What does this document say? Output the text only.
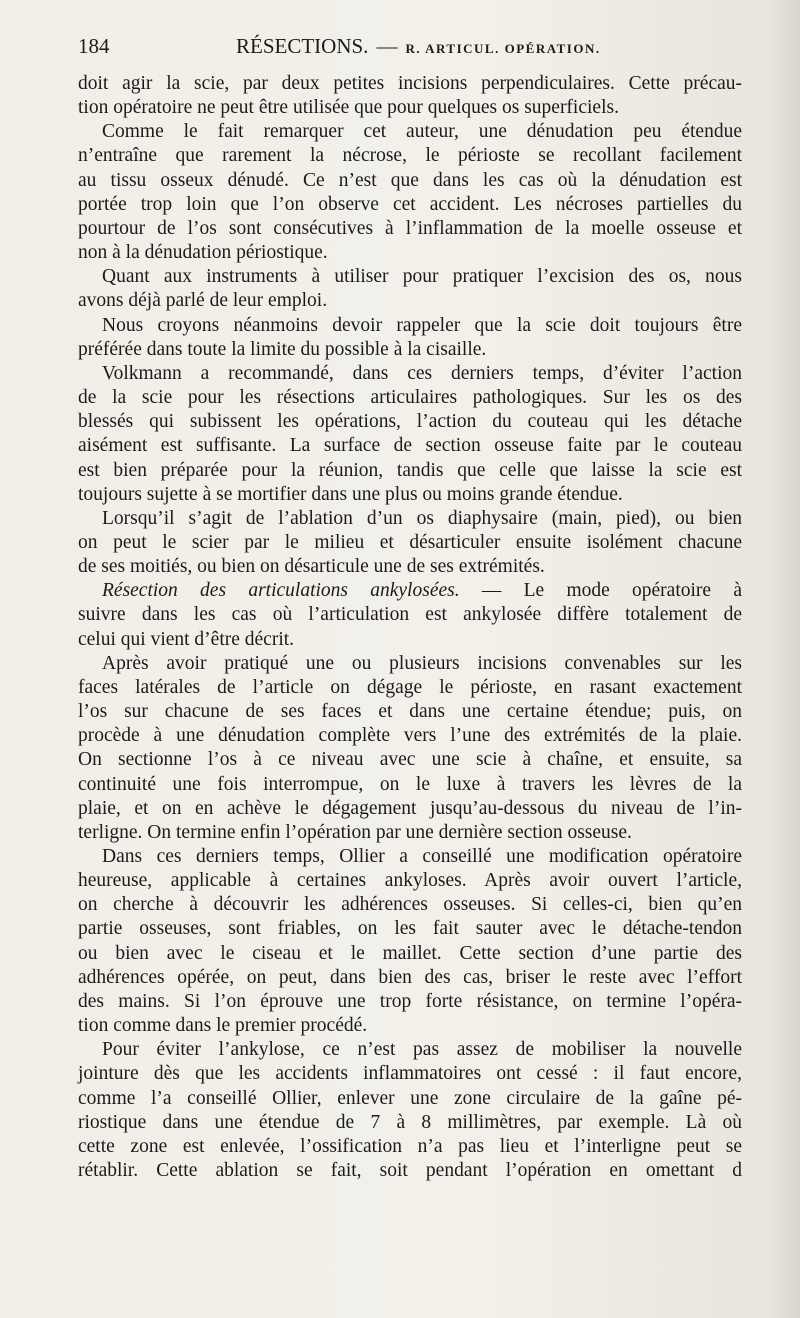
184	RÉSECTIONS. — R. ARTICUL. OPÉRATION.
doit agir la scie, par deux petites incisions perpendiculaires. Cette précau-
tion opératoire ne peut être utilisée que pour quelques os superficiels.
Comme le fait remarquer cet auteur, une dénudation peu étendue
n’entraîne que rarement la nécrose, le périoste se recollant facilement
au tissu osseux dénudé. Ce n’est que dans les cas où la dénudation est
portée trop loin que l’on observe cet accident. Les nécroses partielles du
pourtour de l’os sont consécutives à l’inflammation de la moelle osseuse et
non à la dénudation périostique.
Quant aux instruments à utiliser pour pratiquer l’excision des os, nous
avons déjà parlé de leur emploi.
Nous croyons néanmoins devoir rappeler que la scie doit toujours être
préférée dans toute la limite du possible à la cisaille.
Volkmann a recommandé, dans ces derniers temps, d’éviter l’action
de la scie pour les résections articulaires pathologiques. Sur les os des
blessés qui subissent les opérations, l’action du couteau qui les détache
aisément est suffisante. La surface de section osseuse faite par le couteau
est bien préparée pour la réunion, tandis que celle que laisse la scie est
toujours sujette à se mortifier dans une plus ou moins grande étendue.
Lorsqu’il s’agit de l’ablation d’un os diaphysaire (main, pied), ou bien
on peut le scier par le milieu et désarticuler ensuite isolément chacune
de ses moitiés, ou bien on désarticule une de ses extrémités.
Résection des articulations ankylosées. — Le mode opératoire à
suivre dans les cas où l’articulation est ankylosée diffère totalement de
celui qui vient d’être décrit.
Après avoir pratiqué une ou plusieurs incisions convenables sur les
faces latérales de l’article on dégage le périoste, en rasant exactement
l’os sur chacune de ses faces et dans une certaine étendue; puis, on
procède à une dénudation complète vers l’une des extrémités de la plaie.
On sectionne l’os à ce niveau avec une scie à chaîne, et ensuite, sa
continuité une fois interrompue, on le luxe à travers les lèvres de la
plaie, et on en achève le dégagement jusqu’au-dessous du niveau de l’in-
terligne. On termine enfin l’opération par une dernière section osseuse.
Dans ces derniers temps, Ollier a conseillé une modification opératoire
heureuse, applicable à certaines ankyloses. Après avoir ouvert l’article,
on cherche à découvrir les adhérences osseuses. Si celles-ci, bien qu’en
partie osseuses, sont friables, on les fait sauter avec le détache-tendon
ou bien avec le ciseau et le maillet. Cette section d’une partie des
adhérences opérée, on peut, dans bien des cas, briser le reste avec l’effort
des mains. Si l’on éprouve une trop forte résistance, on termine l’opéra-
tion comme dans le premier procédé.
Pour éviter l’ankylose, ce n’est pas assez de mobiliser la nouvelle
jointure dès que les accidents inflammatoires ont cessé : il faut encore,
comme l’a conseillé Ollier, enlever une zone circulaire de la gaîne pé-
riostique dans une étendue de 7 à 8 millimètres, par exemple. Là où
cette zone est enlevée, l’ossification n’a pas lieu et l’interligne peut se
rétablir. Cette ablation se fait, soit pendant l’opération en omettant d
